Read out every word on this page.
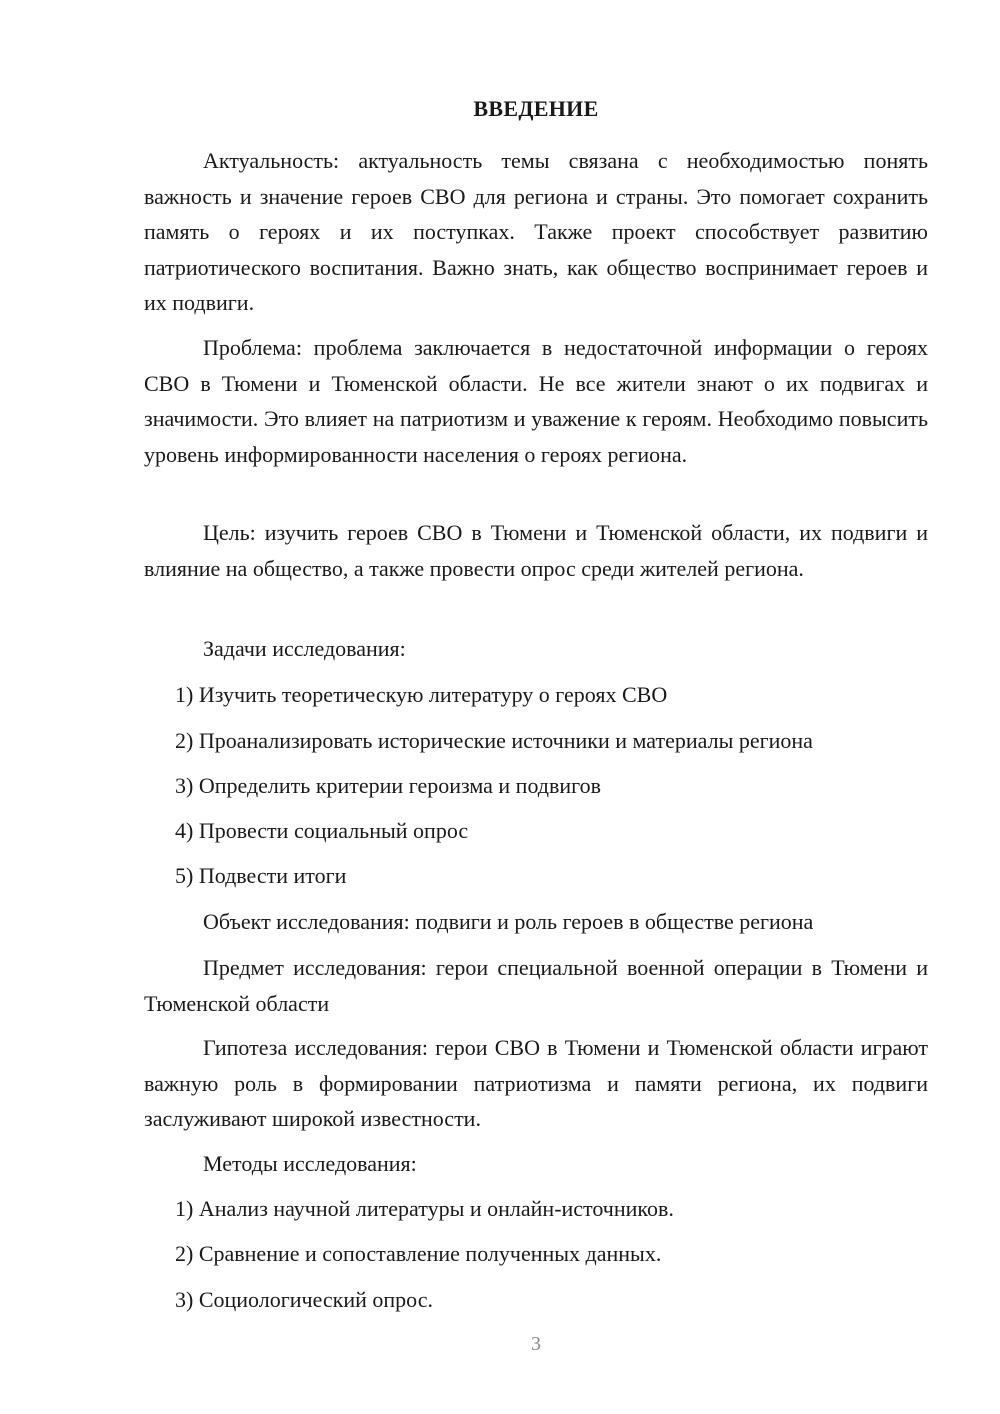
ВВЕДЕНИЕ
Актуальность: актуальность темы связана с необходимостью понять важность и значение героев СВО для региона и страны. Это помогает сохранить память о героях и их поступках. Также проект способствует развитию патриотического воспитания. Важно знать, как общество воспринимает героев и их подвиги.
Проблема: проблема заключается в недостаточной информации о героях СВО в Тюмени и Тюменской области. Не все жители знают о их подвигах и значимости. Это влияет на патриотизм и уважение к героям. Необходимо повысить уровень информированности населения о героях региона.
Цель: изучить героев СВО в Тюмени и Тюменской области, их подвиги и влияние на общество, а также провести опрос среди жителей региона.
Задачи исследования:
1) Изучить теоретическую литературу о героях СВО
2) Проанализировать исторические источники и материалы региона
3) Определить критерии героизма и подвигов
4) Провести социальный опрос
5) Подвести итоги
Объект исследования: подвиги и роль героев в обществе региона
Предмет исследования: герои специальной военной операции в Тюмени и Тюменской области
Гипотеза исследования: герои СВО в Тюмени и Тюменской области играют важную роль в формировании патриотизма и памяти региона, их подвиги заслуживают широкой известности.
Методы исследования:
1) Анализ научной литературы и онлайн-источников.
2) Сравнение и сопоставление полученных данных.
3) Социологический опрос.
3
